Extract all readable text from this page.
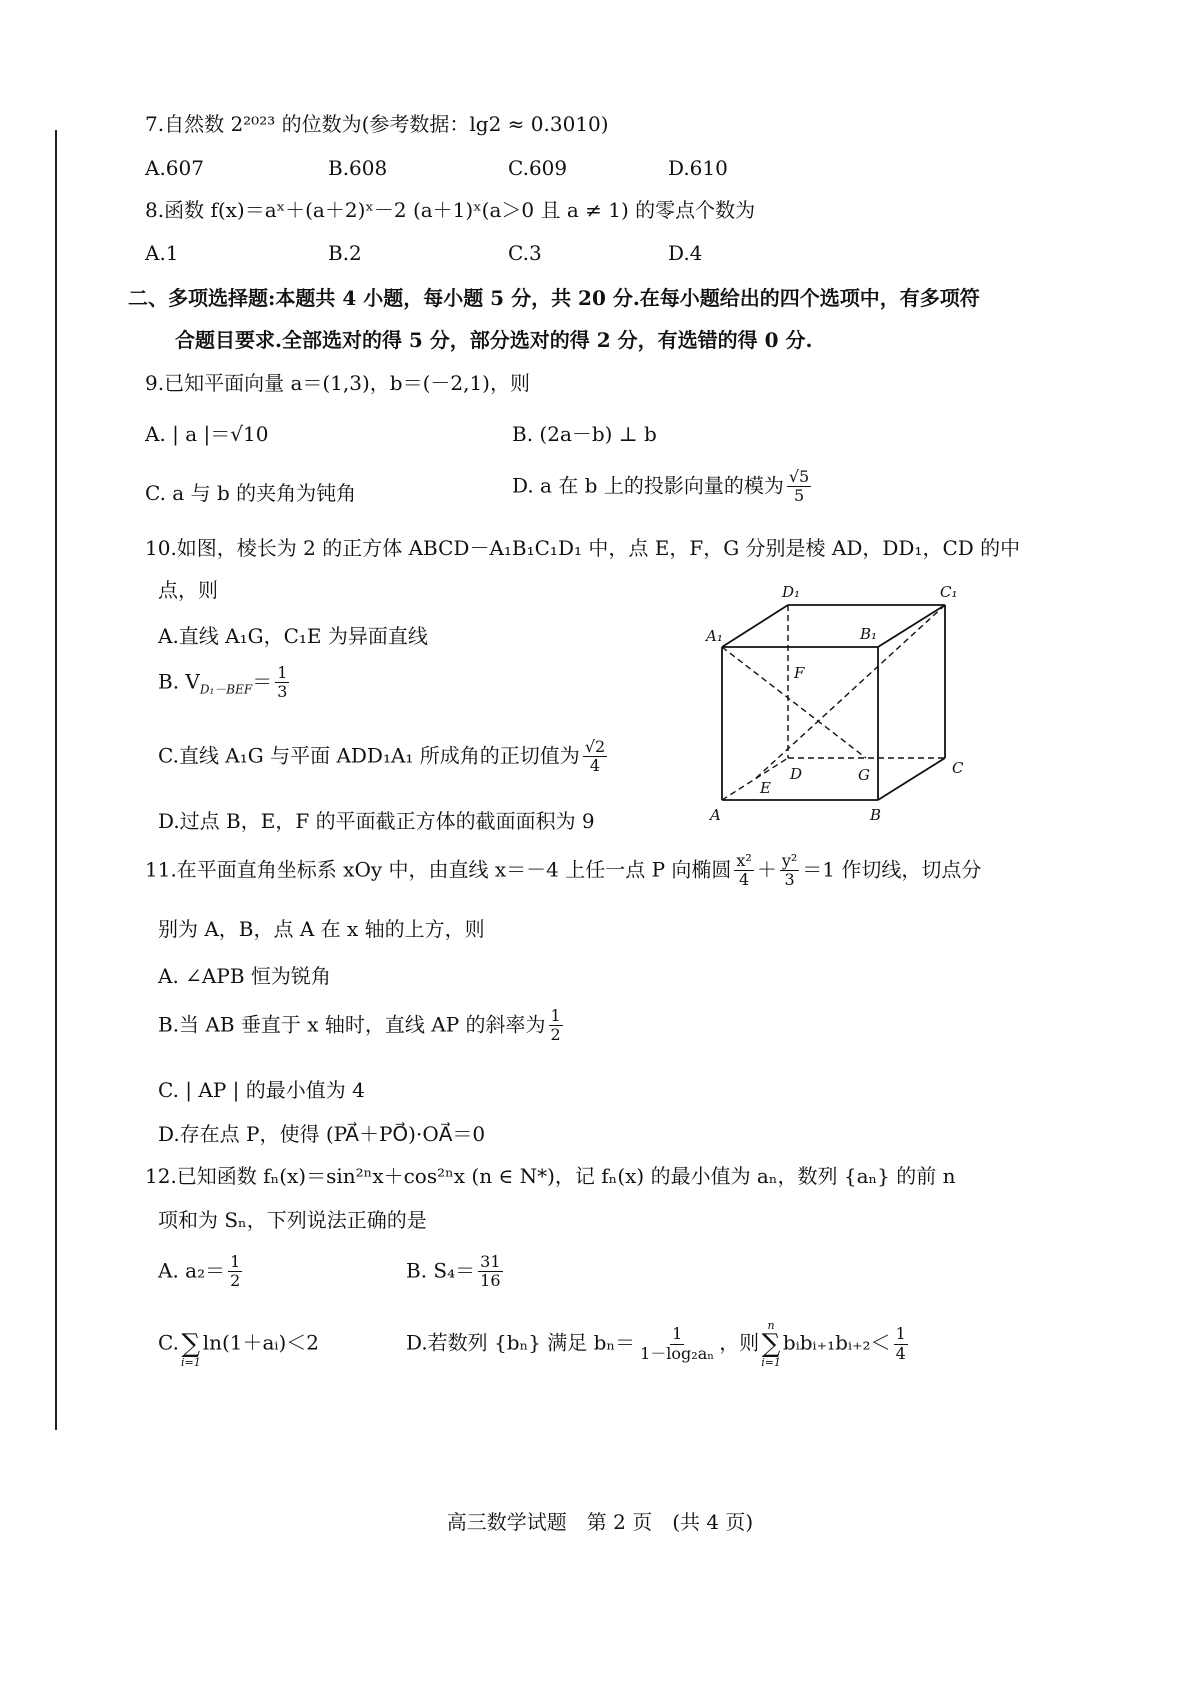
7.自然数 2²⁰²³ 的位数为(参考数据：lg2 ≈ 0.3010)
A.607	B.608	C.609	D.610
8.函数 f(x)＝aˣ＋(a＋2)ˣ－2 (a＋1)ˣ(a＞0 且 a ≠ 1) 的零点个数为
A.1	B.2	C.3	D.4
二、多项选择题:本题共 4 小题，每小题 5 分，共 20 分.在每小题给出的四个选项中，有多项符
合题目要求.全部选对的得 5 分，部分选对的得 2 分，有选错的得 0 分.
9.已知平面向量 a＝(1,3)，b＝(－2,1)，则
A. | a |＝√10	B. (2a－b) ⊥ b
C. a 与 b 的夹角为钝角	D. a 在 b 上的投影向量的模为 $\frac{√5}{5}$
10.如图，棱长为 2 的正方体 ABCD－A₁B₁C₁D₁ 中，点 E，F，G 分别是棱 AD，DD₁，CD 的中
点，则
A.直线 A₁G，C₁E 为异面直线
B. $V_{D_1-BEF}= \frac{1}{3}$
C.直线 A₁G 与平面 ADD₁A₁ 所成角的正切值为 $\frac{√2}{4}$
D.过点 B，E，F 的平面截正方体的截面面积为 9
D₁	C₁
A₁	B₁
F
D	G	C
E
A	B
11.在平面直角坐标系 xOy 中，由直线 x＝－4 上任一点 P 向椭圆 $\frac{\text{x²}}{4} + \frac{\text{y²}}{3} =1$ 作切线，切点分
别为 A，B，点 A 在 x 轴的上方，则
A. ∠APB 恒为锐角
B.当 AB 垂直于 x 轴时，直线 AP 的斜率为 $\frac{1}{2}$
C. | AP | 的最小值为 4
D.存在点 P，使得 (PA⃗＋PO⃗)·OA⃗＝0
12.已知函数 fₙ(x)＝sin²ⁿx＋cos²ⁿx (n ∈ N*)，记 fₙ(x) 的最小值为 aₙ，数列 {aₙ} 的前 n
项和为 Sₙ，下列说法正确的是
A. $a_2= \frac{1}{2}$	B. $S_4= \frac{31}{16}$
C.
∑
i=1
ln(1＋aᵢ)＜2	D.若数列 {bₙ} 满足 $b_n= \frac{1}{\text{1－log₂aₙ}}$ ，则
n
∑
i=1
bᵢbᵢ₊₁bᵢ₊₂＜ $\frac{1}{4}$
高三数学试题　第 2 页　(共 4 页)
